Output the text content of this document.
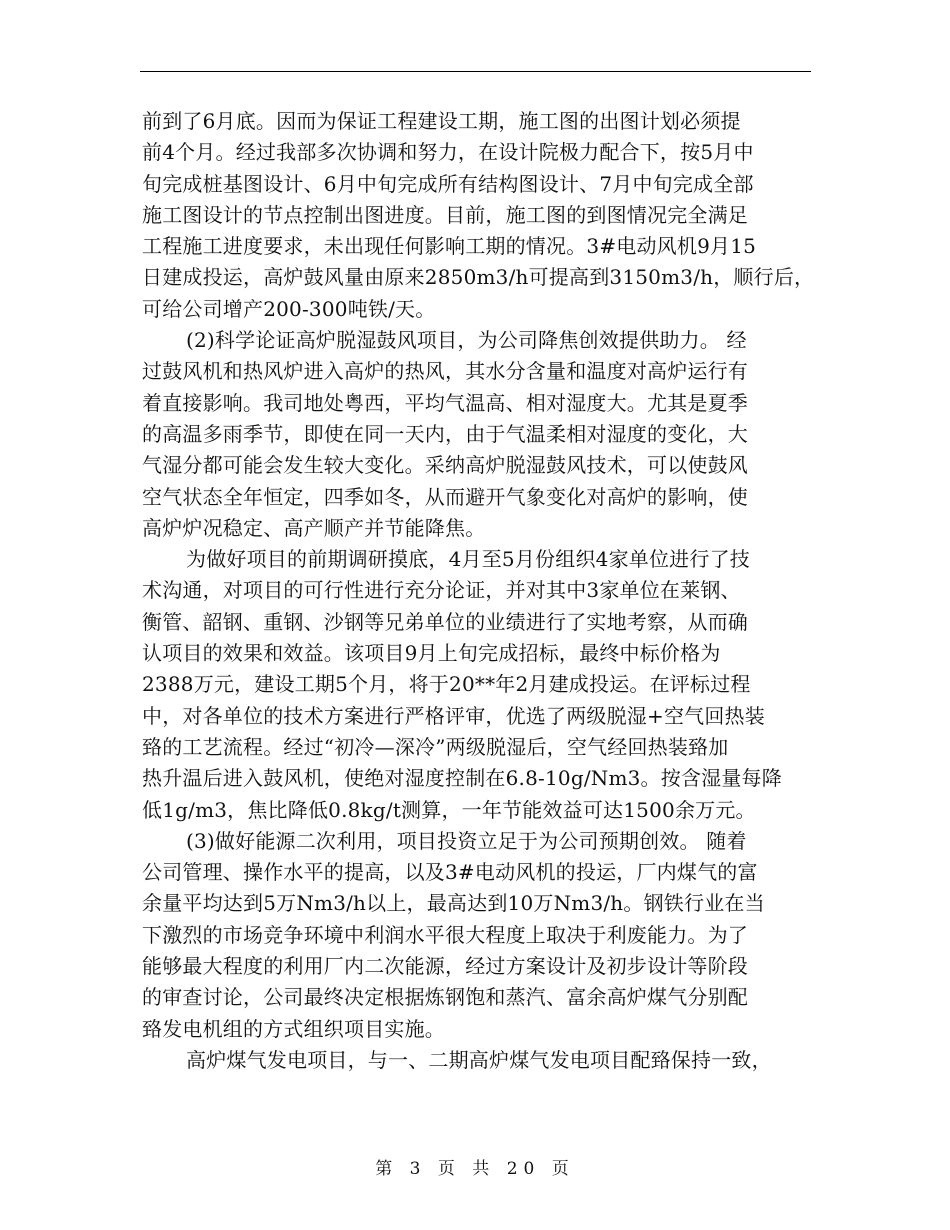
前到了6月底。因而为保证工程建设工期，施工图的出图计划必须提
前4个月。经过我部多次协调和努力，在设计院极力配合下，按5月中
旬完成桩基图设计、6月中旬完成所有结构图设计、7月中旬完成全部
施工图设计的节点控制出图进度。目前，施工图的到图情况完全满足
工程施工进度要求，未出现任何影响工期的情况。3#电动风机9月15
日建成投运，高炉鼓风量由原来2850m3/h可提高到3150m3/h，顺行后，
可给公司增产200-300吨铁/天。
(2)科学论证高炉脱湿鼓风项目，为公司降焦创效提供助力。 经
过鼓风机和热风炉进入高炉的热风，其水分含量和温度对高炉运行有
着直接影响。我司地处粤西，平均气温高、相对湿度大。尤其是夏季
的高温多雨季节，即使在同一天内，由于气温柔相对湿度的变化，大
气湿分都可能会发生较大变化。采纳高炉脱湿鼓风技术，可以使鼓风
空气状态全年恒定，四季如冬，从而避开气象变化对高炉的影响，使
高炉炉况稳定、高产顺产并节能降焦。
为做好项目的前期调研摸底，4月至5月份组织4家单位进行了技
术沟通，对项目的可行性进行充分论证，并对其中3家单位在莱钢、
衡管、韶钢、重钢、沙钢等兄弟单位的业绩进行了实地考察，从而确
认项目的效果和效益。该项目9月上旬完成招标，最终中标价格为
2388万元，建设工期5个月，将于20**年2月建成投运。在评标过程
中，对各单位的技术方案进行严格评审，优选了两级脱湿+空气回热装
臵的工艺流程。经过“初冷—深冷”两级脱湿后，空气经回热装臵加
热升温后进入鼓风机，使绝对湿度控制在6.8-10g/Nm3。按含湿量每降
低1g/m3，焦比降低0.8kg/t测算，一年节能效益可达1500余万元。
(3)做好能源二次利用，项目投资立足于为公司预期创效。 随着
公司管理、操作水平的提高，以及3#电动风机的投运，厂内煤气的富
余量平均达到5万Nm3/h以上，最高达到10万Nm3/h。钢铁行业在当
下激烈的市场竞争环境中利润水平很大程度上取决于利废能力。为了
能够最大程度的利用厂内二次能源，经过方案设计及初步设计等阶段
的审查讨论，公司最终决定根据炼钢饱和蒸汽、富余高炉煤气分别配
臵发电机组的方式组织项目实施。
高炉煤气发电项目，与一、二期高炉煤气发电项目配臵保持一致，
第 3 页 共 20 页
